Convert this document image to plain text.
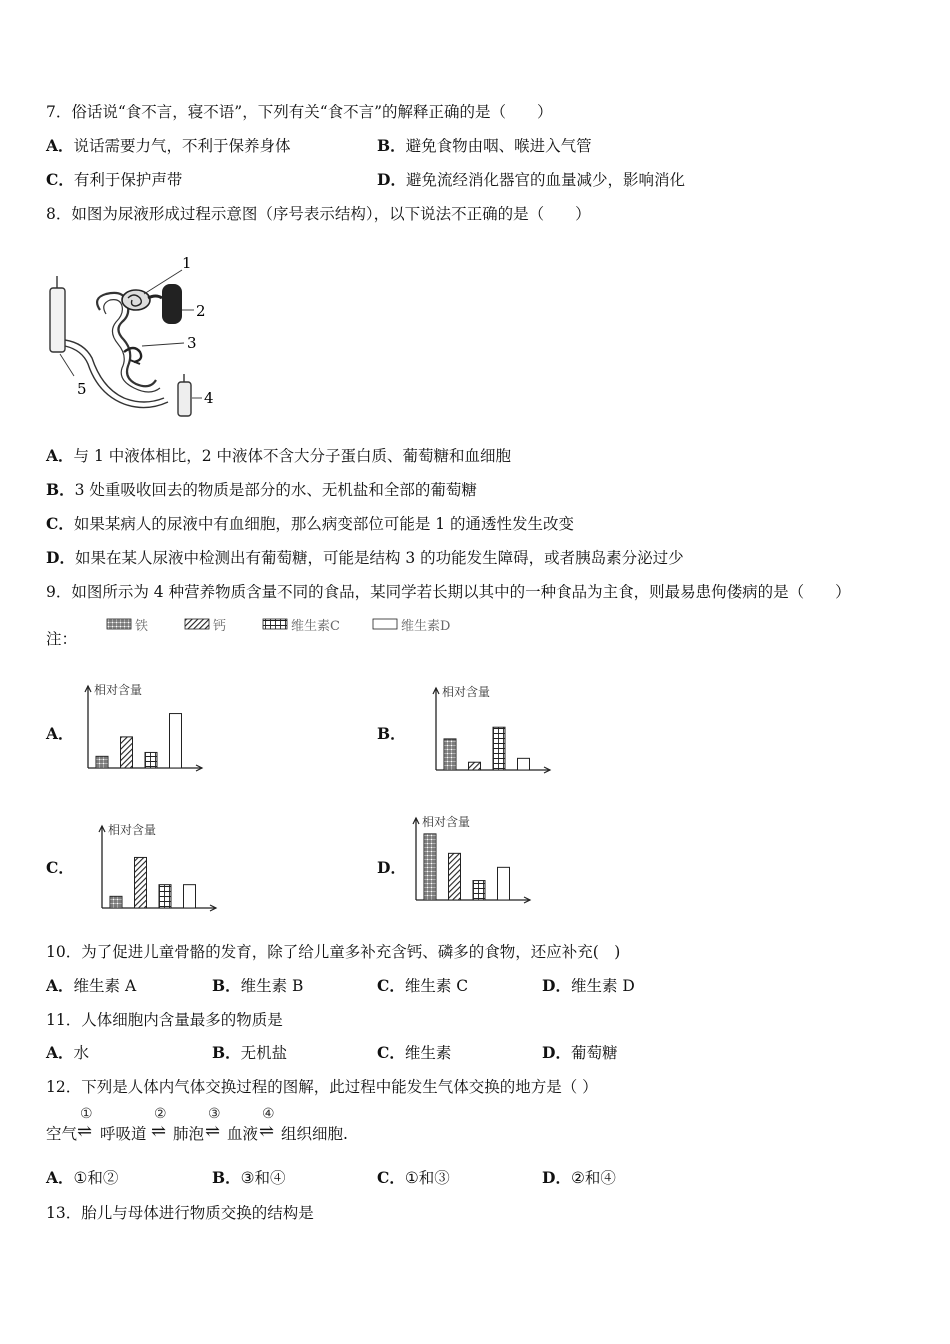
7．俗话说“食不言，寝不语”，下列有关“食不言”的解释正确的是（　　）
A．说话需要力气，不利于保养身体	B．避免食物由咽、喉进入气管
C．有利于保护声带	D．避免流经消化器官的血量减少，影响消化
8．如图为尿液形成过程示意图（序号表示结构），以下说法不正确的是（　　）
1
2
3
4
5
A．与 1 中液体相比，2 中液体不含大分子蛋白质、葡萄糖和血细胞
B．3 处重吸收回去的物质是部分的水、无机盐和全部的葡萄糖
C．如果某病人的尿液中有血细胞，那么病变部位可能是 1 的通透性发生改变
D．如果在某人尿液中检测出有葡萄糖，可能是结构 3 的功能发生障碍，或者胰岛素分泌过少
9．如图所示为 4 种营养物质含量不同的食品，某同学若长期以其中的一种食品为主食，则最易患佝偻病的是（　　）
注：
铁	钙	维生素C	维生素D
A．	B．
C．	D．
相对含量	相对含量
相对含量
相对含量
10．为了促进儿童骨骼的发育，除了给儿童多补充含钙、磷多的食物，还应补充(　)
A．维生素 A	B．维生素 B	C．维生素 C	D．维生素 D
11．人体细胞内含量最多的物质是
A．水	B．无机盐	C．维生素	D．葡萄糖
12．下列是人体内气体交换过程的图解，此过程中能发生气体交换的地方是（ ）
空气
①
⇌ 呼吸道
②
⇌ 肺泡
③
⇌ 血液
④
⇌ 组织细胞.
A．①和②	B．③和④	C．①和③	D．②和④
13．胎儿与母体进行物质交换的结构是
